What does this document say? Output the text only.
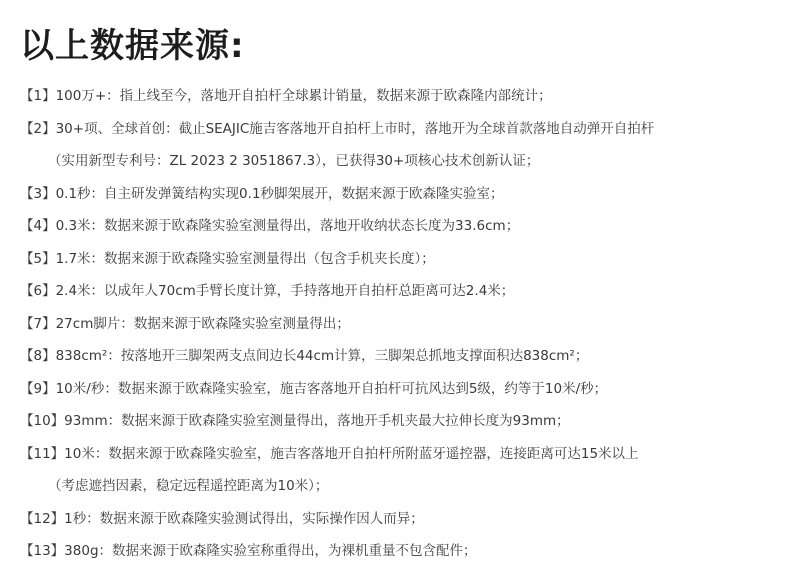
以上数据来源:
【1】100万+：指上线至今，落地开自拍杆全球累计销量，数据来源于欧森隆内部统计；
【2】30+项、全球首创：截止SEAJIC施吉客落地开自拍杆上市时，落地开为全球首款落地自动弹开自拍杆
（实用新型专利号：ZL 2023 2 3051867.3），已获得30+项核心技术创新认证；
【3】0.1秒：自主研发弹簧结构实现0.1秒脚架展开，数据来源于欧森隆实验室；
【4】0.3米：数据来源于欧森隆实验室测量得出，落地开收纳状态长度为33.6cm；
【5】1.7米：数据来源于欧森隆实验室测量得出（包含手机夹长度）；
【6】2.4米：以成年人70cm手臂长度计算，手持落地开自拍杆总距离可达2.4米；
【7】27cm脚片：数据来源于欧森隆实验室测量得出；
【8】838cm²：按落地开三脚架两支点间边长44cm计算，三脚架总抓地支撑面积达838cm²；
【9】10米/秒：数据来源于欧森隆实验室，施吉客落地开自拍杆可抗风达到5级，约等于10米/秒；
【10】93mm：数据来源于欧森隆实验室测量得出，落地开手机夹最大拉伸长度为93mm；
【11】10米：数据来源于欧森隆实验室，施吉客落地开自拍杆所附蓝牙遥控器，连接距离可达15米以上
（考虑遮挡因素，稳定远程遥控距离为10米）；
【12】1秒：数据来源于欧森隆实验测试得出，实际操作因人而异；
【13】380g：数据来源于欧森隆实验室称重得出，为裸机重量不包含配件；
